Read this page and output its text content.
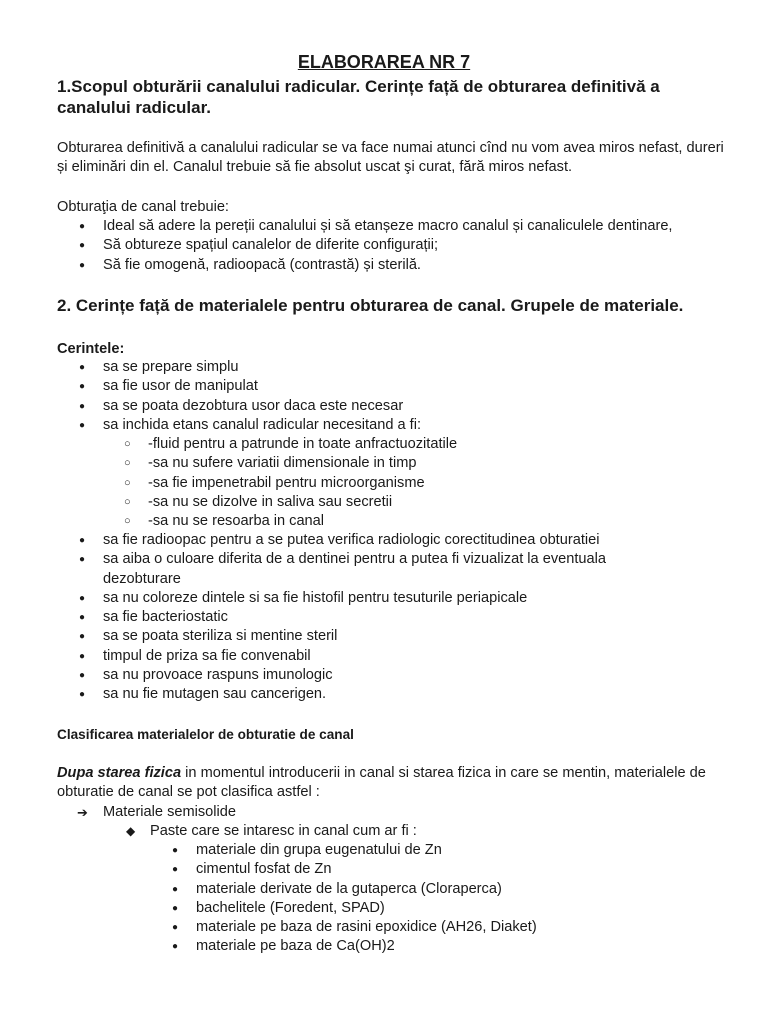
ELABORAREA NR 7
1.Scopul obturării canalului radicular. Cerințe față de obturarea definitivă a canalului radicular.
Obturarea definitivă a canalului radicular se va face numai atunci cînd nu vom avea miros nefast, dureri și eliminări din el. Canalul trebuie să fie absolut uscat şi curat, fără miros nefast.
Obturaţia de canal trebuie:
● Ideal să adere la pereții canalului și să etanșeze macro canalul și canaliculele dentinare,
● Să obtureze spațiul canalelor de diferite configurații;
● Să fie omogenă, radioopacă (contrastă) și sterilă.
2. Cerințe față de materialele pentru obturarea de canal. Grupele de materiale.
Cerintele:
● sa se prepare simplu
● sa fie usor de manipulat
● sa se poata dezobtura usor daca este necesar
● sa inchida etans canalul radicular necesitand a fi:
○ -fluid pentru a patrunde in toate anfractuozitatile
○ -sa nu sufere variatii dimensionale in timp
○ -sa fie impenetrabil pentru microorganisme
○ -sa nu se dizolve in saliva sau secretii
○ -sa nu se resoarba in canal
● sa fie radioopac pentru a se putea verifica radiologic corectitudinea obturatiei
● sa aiba o culoare diferita de a dentinei pentru a putea fi vizualizat la eventuala dezobturare
● sa nu coloreze dintele si sa fie histofil pentru tesuturile periapicale
● sa fie bacteriostatic
● sa se poata steriliza si mentine steril
● timpul de priza sa fie convenabil
● sa nu provoace raspuns imunologic
● sa nu fie mutagen sau cancerigen.
Clasificarea materialelor de obturatie de canal
Dupa starea fizica in momentul introducerii in canal si starea fizica in care se mentin, materialele de obturatie de canal se pot clasifica astfel :
➔ Materiale semisolide
◆ Paste care se intaresc in canal cum ar fi :
● materiale din grupa eugenatului de Zn
● cimentul fosfat de Zn
● materiale derivate de la gutaperca (Cloraperca)
● bachelitele (Foredent, SPAD)
● materiale pe baza de rasini epoxidice (AH26, Diaket)
● materiale pe baza de Ca(OH)2
